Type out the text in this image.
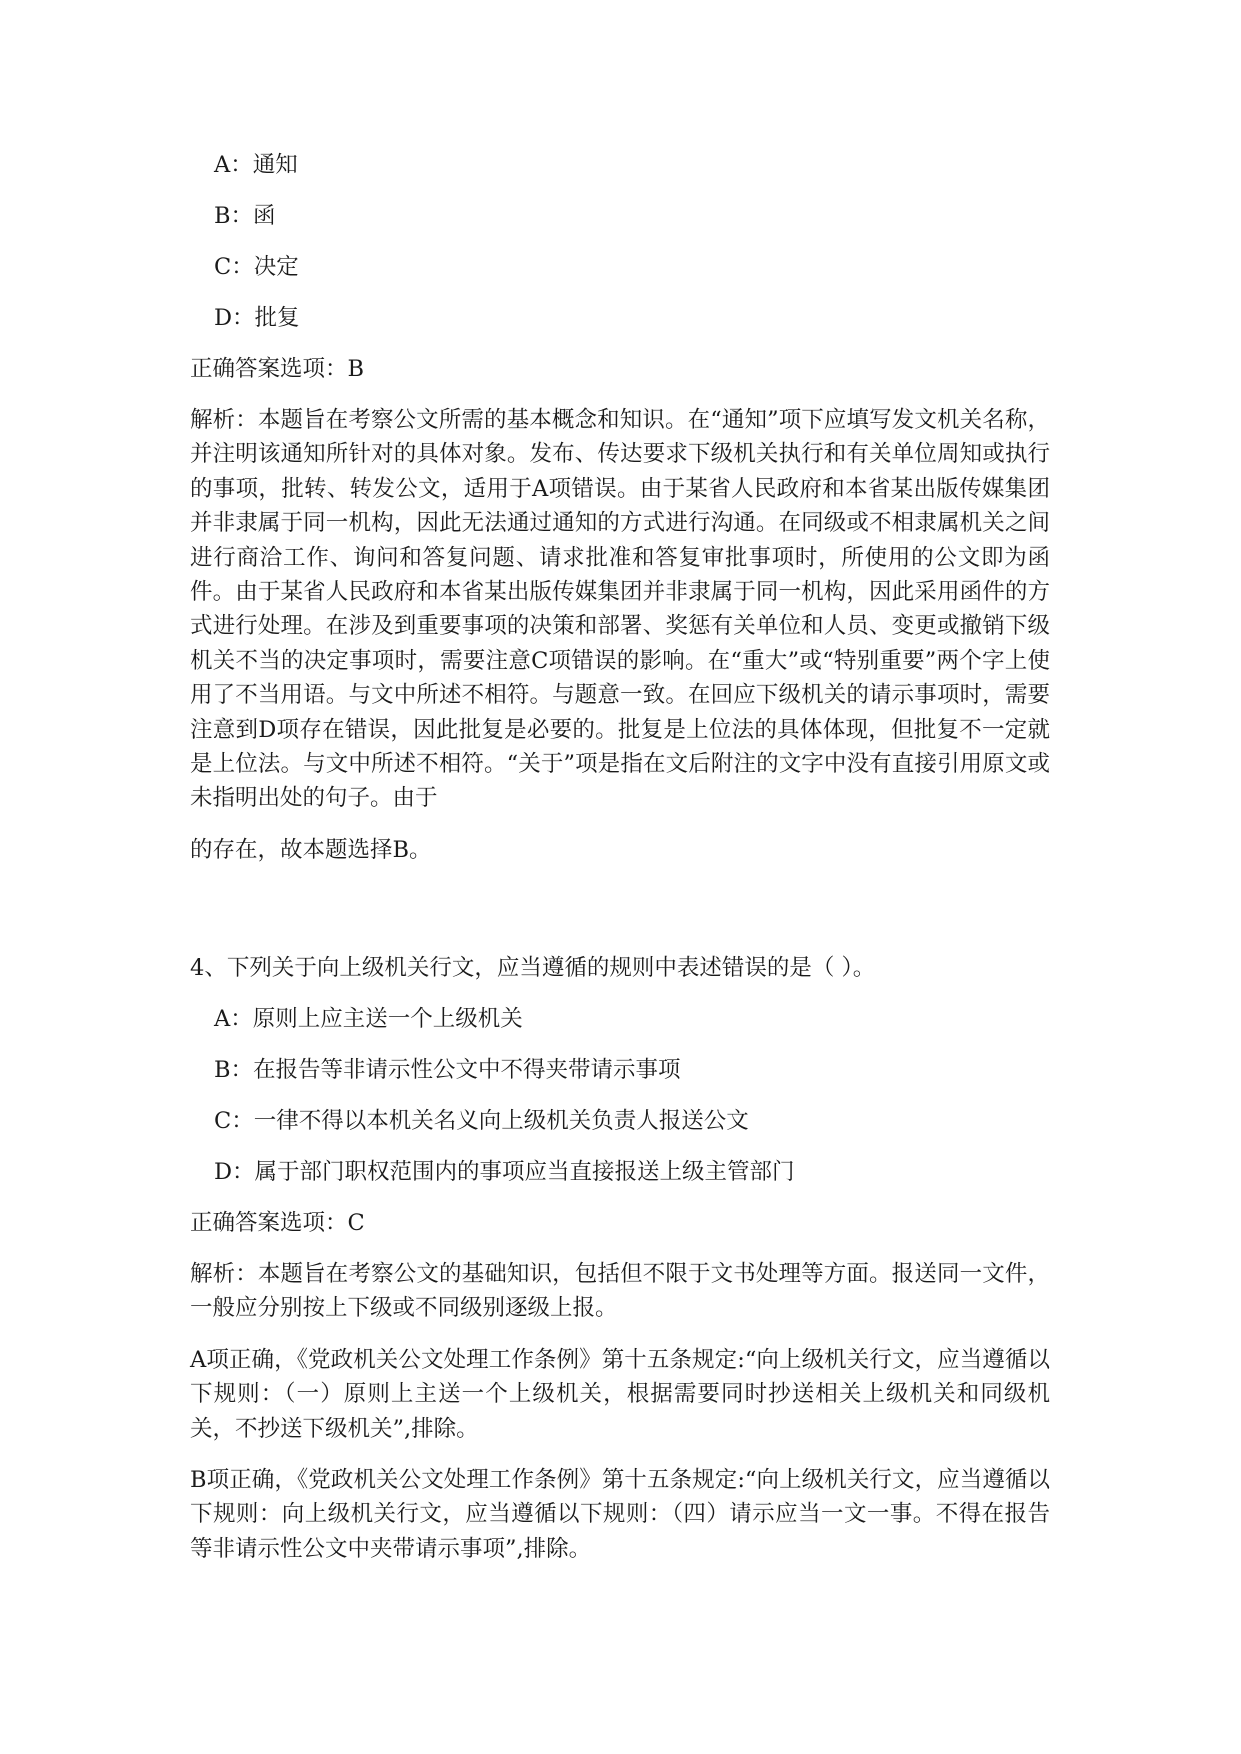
A：通知
B：函
C：决定
D：批复
正确答案选项：B

解析：本题旨在考察公文所需的基本概念和知识。在“通知”项下应填写发文机关名称，并注明该通知所针对的具体对象。发布、传达要求下级机关执行和有关单位周知或执行的事项，批转、转发公文，适用于A项错误。由于某省人民政府和本省某出版传媒集团并非隶属于同一机构，因此无法通过通知的方式进行沟通。在同级或不相隶属机关之间进行商洽工作、询问和答复问题、请求批准和答复审批事项时，所使用的公文即为函件。由于某省人民政府和本省某出版传媒集团并非隶属于同一机构，因此采用函件的方式进行处理。在涉及到重要事项的决策和部署、奖惩有关单位和人员、变更或撤销下级机关不当的决定事项时，需要注意C项错误的影响。在“重大”或“特别重要”两个字上使用了不当用语。与文中所述不相符。与题意一致。在回应下级机关的请示事项时，需要注意到D项存在错误，因此批复是必要的。批复是上位法的具体体现，但批复不一定就是上位法。与文中所述不相符。“关于”项是指在文后附注的文字中没有直接引用原文或未指明出处的句子。由于

的存在，故本题选择B。

4、下列关于向上级机关行文，应当遵循的规则中表述错误的是（ ）。
A：原则上应主送一个上级机关
B：在报告等非请示性公文中不得夹带请示事项
C：一律不得以本机关名义向上级机关负责人报送公文
D：属于部门职权范围内的事项应当直接报送上级主管部门
正确答案选项：C

解析：本题旨在考察公文的基础知识，包括但不限于文书处理等方面。报送同一文件，一般应分别按上下级或不同级别逐级上报。

A项正确，《党政机关公文处理工作条例》第十五条规定:“向上级机关行文，应当遵循以下规则：（一）原则上主送一个上级机关，根据需要同时抄送相关上级机关和同级机关，不抄送下级机关”,排除。

B项正确，《党政机关公文处理工作条例》第十五条规定:“向上级机关行文，应当遵循以下规则：向上级机关行文，应当遵循以下规则：（四）请示应当一文一事。不得在报告等非请示性公文中夹带请示事项”,排除。
